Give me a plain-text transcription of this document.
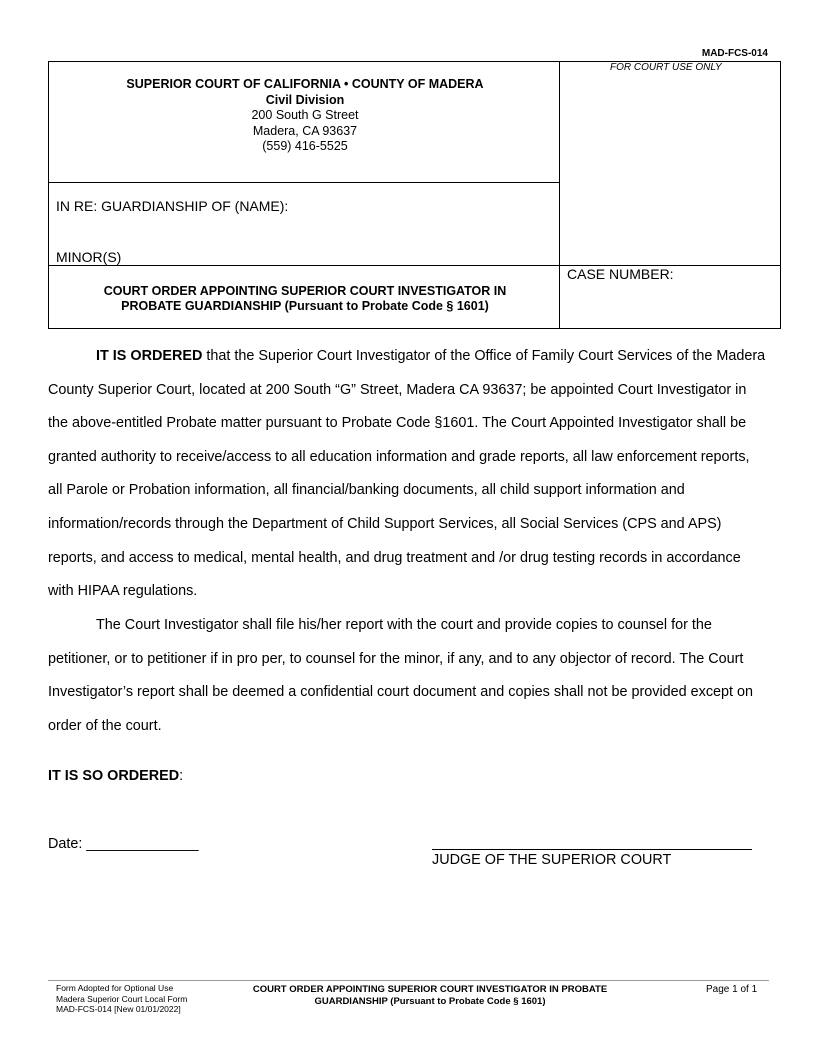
MAD-FCS-014
SUPERIOR COURT OF CALIFORNIA • COUNTY OF MADERA
Civil Division
200 South G Street
Madera, CA 93637
(559) 416-5525
FOR COURT USE ONLY
IN RE: GUARDIANSHIP OF (NAME):
MINOR(S)
CASE NUMBER:
COURT ORDER APPOINTING SUPERIOR COURT INVESTIGATOR IN
PROBATE GUARDIANSHIP (Pursuant to Probate Code § 1601)
IT IS ORDERED that the Superior Court Investigator of the Office of Family Court Services of the Madera
County Superior Court, located at 200 South “G” Street, Madera CA 93637; be appointed Court Investigator in
the above-entitled Probate matter pursuant to Probate Code §1601. The Court Appointed Investigator shall be
granted authority to receive/access to all education information and grade reports, all law enforcement reports,
all Parole or Probation information, all financial/banking documents, all child support information and
information/records through the Department of Child Support Services, all Social Services (CPS and APS)
reports, and access to medical, mental health, and drug treatment and /or drug testing records in accordance
with HIPAA regulations.
The Court Investigator shall file his/her report with the court and provide copies to counsel for the
petitioner, or to petitioner if in pro per, to counsel for the minor, if any, and to any objector of record. The Court
Investigator’s report shall be deemed a confidential court document and copies shall not be provided except on
order of the court.
IT IS SO ORDERED:
Date: ______________
JUDGE OF THE SUPERIOR COURT
Form Adopted for Optional Use
Madera Superior Court Local Form
MAD-FCS-014 [New 01/01/2022]
COURT ORDER APPOINTING SUPERIOR COURT INVESTIGATOR IN PROBATE
GUARDIANSHIP (Pursuant to Probate Code § 1601)
Page 1 of 1
